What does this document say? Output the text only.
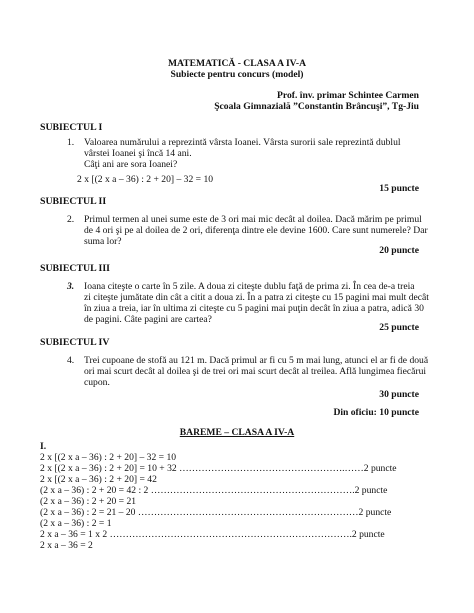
MATEMATICĂ - CLASA A IV-A
Subiecte pentru concurs (model)
Prof. înv. primar Schintee Carmen
Şcoala Gimnazială ”Constantin Brâncuşi”, Tg-Jiu
SUBIECTUL I
1. Valoarea numărului a reprezintă vârsta Ioanei. Vârsta surorii sale reprezintă dublul
vârstei Ioanei şi încă 14 ani.
Câţi ani are sora Ioanei?
2 x [(2 x a – 36) : 2 + 20] – 32 = 10
15 puncte
SUBIECTUL II
2. Primul termen al unei sume este de 3 ori mai mic decât al doilea. Dacă mărim pe primul
de 4 ori şi pe al doilea de 2 ori, diferenţa dintre ele devine 1600. Care sunt numerele? Dar
suma lor?
20 puncte
SUBIECTUL III
3. Ioana citeşte o carte în 5 zile. A doua zi citeşte dublu faţă de prima zi. În cea de-a treia
zi citeşte jumătate din cât a citit a doua zi. În a patra zi citeşte cu 15 pagini mai mult decât
în ziua a treia, iar în ultima zi citeşte cu 5 pagini mai puţin decât în ziua a patra, adică 30
de pagini. Câte pagini are cartea?
25 puncte
SUBIECTUL IV
4. Trei cupoane de stofă au 121 m. Dacă primul ar fi cu 5 m mai lung, atunci el ar fi de două
ori mai scurt decât al doilea şi de trei ori mai scurt decât al treilea. Află lungimea fiecărui
cupon.
30 puncte
Din oficiu: 10 puncte
BAREME – CLASA A IV-A
I.
2 x [(2 x a – 36) : 2 + 20] – 32 = 10
2 x [(2 x a – 36) : 2 + 20] = 10 + 32 …………………………………………….……2 puncte
2 x [(2 x a – 36) : 2 + 20] = 42
(2 x a – 36) : 2 + 20 = 42 : 2 ……………………………………………………….2 puncte
(2 x a – 36) : 2 + 20 = 21
(2 x a – 36) : 2 = 21 – 20 ……………………………………………………………2 puncte
(2 x a – 36) : 2 = 1
2 x a – 36 = 1 x 2 ………………………………………………………………….2 puncte
2 x a – 36 = 2
